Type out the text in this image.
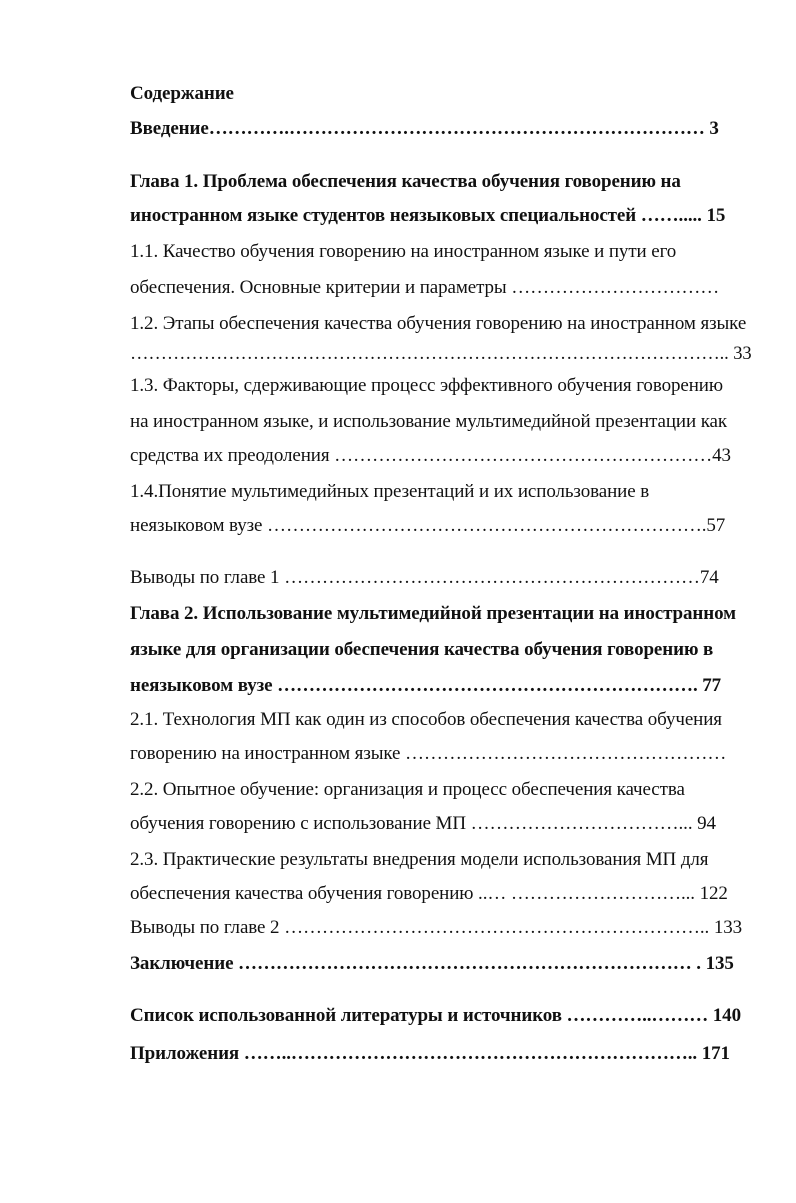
Содержание
Введение………….………………………………………………………… 3
Глава 1. Проблема обеспечения качества обучения говорению на
иностранном языке студентов неязыковых специальностей ……..... 15
1.1. Качество обучения говорению на иностранном языке и пути его
обеспечения. Основные критерии и параметры ……………………………
1.2. Этапы обеспечения качества обучения говорению на иностранном языке
…………………………………………………………………………………….. 33
1.3. Факторы, сдерживающие процесс эффективного обучения говорению
на иностранном языке, и использование мультимедийной презентации как
средства их преодоления ……………………………………………………43
1.4.Понятие мультимедийных презентаций и их использование в
неязыковом вузе …………………………………………………………….57
Выводы по главе 1 …………………………………………………………74
Глава 2. Использование мультимедийной презентации на иностранном
языке для организации обеспечения качества обучения говорению в
неязыковом вузе …………………………………………………………. 77
2.1. Технология МП как один из способов обеспечения качества обучения
говорению на иностранном языке ……………………………………………
2.2. Опытное обучение: организация и процесс обеспечения качества
обучения говорению с использование МП ……………………………... 94
2.3. Практические результаты внедрения модели использования МП для
обеспечения качества обучения говорению ..… ………………………... 122
Выводы по главе 2 ………………………………………………………….. 133
Заключение ……………………………………………………………… . 135
Список использованной литературы и источников …………..……… 140
Приложения ……..……………………………………………………….. 171
